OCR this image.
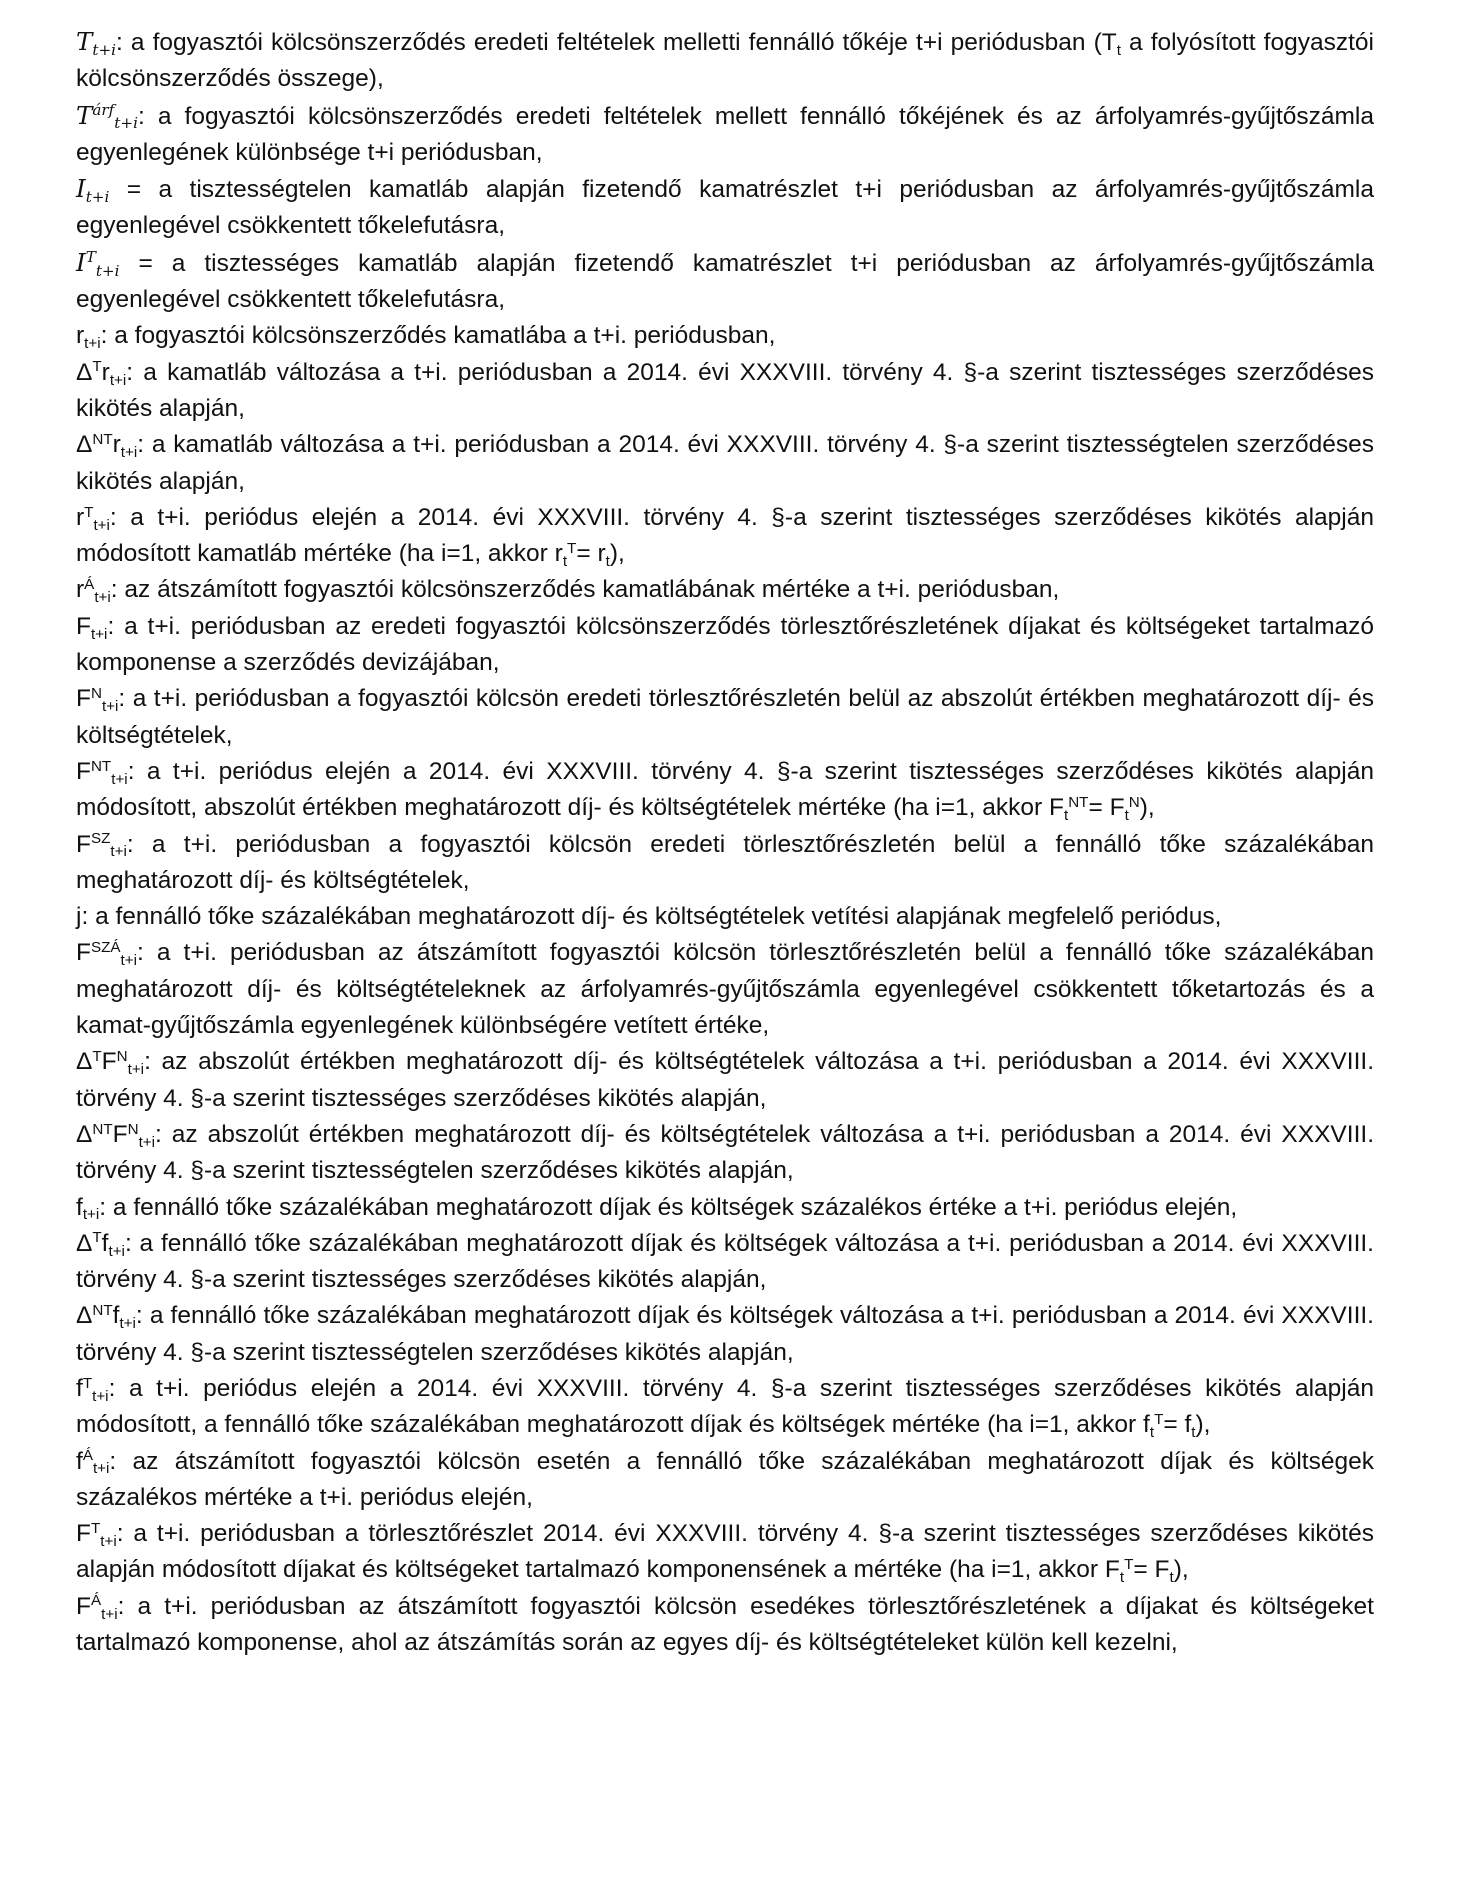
$T_{t+i}$: a fogyasztói kölcsönszerződés eredeti feltételek melletti fennálló tőkéje t+i periódusban ($T_t$ a folyósított fogyasztói kölcsönszerződés összege),

$T^{árf}_{t+i}$: a fogyasztói kölcsönszerződés eredeti feltételek mellett fennálló tőkéjének és az árfolyamrés-gyűjtőszámla egyenlegének különbsége t+i periódusban,

$I_{t+i} = a$ tisztességtelen kamatláb alapján fizetendő kamatrészlet t+i periódusban az árfolyamrés-gyűjtőszámla egyenlegével csökkentett tőkelefutásra,

$I^T_{t+i} = a$ tisztességes kamatláb alapján fizetendő kamatrészlet t+i periódusban az árfolyamrés-gyűjtőszámla egyenlegével csökkentett tőkelefutásra,

$r_{t+i}$: a fogyasztói kölcsönszerződés kamatlába a t+i. periódusban,

$\Delta^Tr_{t+i}$: a kamatláb változása a t+i. periódusban a 2014. évi XXXVIII. törvény 4. §-a szerint tisztességes szerződéses kikötés alapján,

$\Delta^{NT}r_{t+i}$: a kamatláb változása a t+i. periódusban a 2014. évi XXXVIII. törvény 4. §-a szerint tisztességtelen szerződéses kikötés alapján,

$r^T_{t+i}$: a t+i. periódus elején a 2014. évi XXXVIII. törvény 4. §-a szerint tisztességes szerződéses kikötés alapján módosított kamatláb mértéke (ha i=1, akkor $r_t^T= r_t$),

$r^Á_{t+i}$: az átszámított fogyasztói kölcsönszerződés kamatlábának mértéke a t+i. periódusban,

$F_{t+i}$: a t+i. periódusban az eredeti fogyasztói kölcsönszerződés törlesztőrészletének díjakat és költségeket tartalmazó komponense a szerződés devizájában,

$F^N_{t+i}$: a t+i. periódusban a fogyasztói kölcsön eredeti törlesztőrészletén belül az abszolút értékben meghatározott díj- és költségtételek,

$F^{NT}_{t+i}$: a t+i. periódus elején a 2014. évi XXXVIII. törvény 4. §-a szerint tisztességes szerződéses kikötés alapján módosított, abszolút értékben meghatározott díj- és költségtételek mértéke (ha i=1, akkor $F_t^{NT}= F_t^N$),

$F^{SZ}_{t+i}$: a t+i. periódusban a fogyasztói kölcsön eredeti törlesztőrészletén belül a fennálló tőke százalékában meghatározott díj- és költségtételek,

j: a fennálló tőke százalékában meghatározott díj- és költségtételek vetítési alapjának megfelelő periódus,

$F^{SZÁ}_{t+i}$: a t+i. periódusban az átszámított fogyasztói kölcsön törlesztőrészletén belül a fennálló tőke százalékában meghatározott díj- és költségtételeknek az árfolyamrés-gyűjtőszámla egyenlegével csökkentett tőketartozás és a kamat-gyűjtőszámla egyenlegének különbségére vetített értéke,

$\Delta^TF^N_{t+i}$: az abszolút értékben meghatározott díj- és költségtételek változása a t+i. periódusban a 2014. évi XXXVIII. törvény 4. §-a szerint tisztességes szerződéses kikötés alapján,

$\Delta^{NT}F^N_{t+i}$: az abszolút értékben meghatározott díj- és költségtételek változása a t+i. periódusban a 2014. évi XXXVIII. törvény 4. §-a szerint tisztességtelen szerződéses kikötés alapján,

$f_{t+i}$: a fennálló tőke százalékában meghatározott díjak és költségek százalékos értéke a t+i. periódus elején,

$\Delta^Tf_{t+i}$: a fennálló tőke százalékában meghatározott díjak és költségek változása a t+i. periódusban a 2014. évi XXXVIII. törvény 4. §-a szerint tisztességes szerződéses kikötés alapján,

$\Delta^{NT}f_{t+i}$: a fennálló tőke százalékában meghatározott díjak és költségek változása a t+i. periódusban a 2014. évi XXXVIII. törvény 4. §-a szerint tisztességtelen szerződéses kikötés alapján,

$f^T_{t+i}$: a t+i. periódus elején a 2014. évi XXXVIII. törvény 4. §-a szerint tisztességes szerződéses kikötés alapján módosított, a fennálló tőke százalékában meghatározott díjak és költségek mértéke (ha i=1, akkor $f_t^T= f_t$),

$f^Á_{t+i}$: az átszámított fogyasztói kölcsön esetén a fennálló tőke százalékában meghatározott díjak és költségek százalékos mértéke a t+i. periódus elején,

$F^T_{t+i}$: a t+i. periódusban a törlesztőrészlet 2014. évi XXXVIII. törvény 4. §-a szerint tisztességes szerződéses kikötés alapján módosított díjakat és költségeket tartalmazó komponensének a mértéke (ha i=1, akkor $F_t^T= F_t$),

$F^Á_{t+i}$: a t+i. periódusban az átszámított fogyasztói kölcsön esedékes törlesztőrészletének a díjakat és költségeket tartalmazó komponense, ahol az átszámítás során az egyes díj- és költségtételeket külön kell kezelni,
